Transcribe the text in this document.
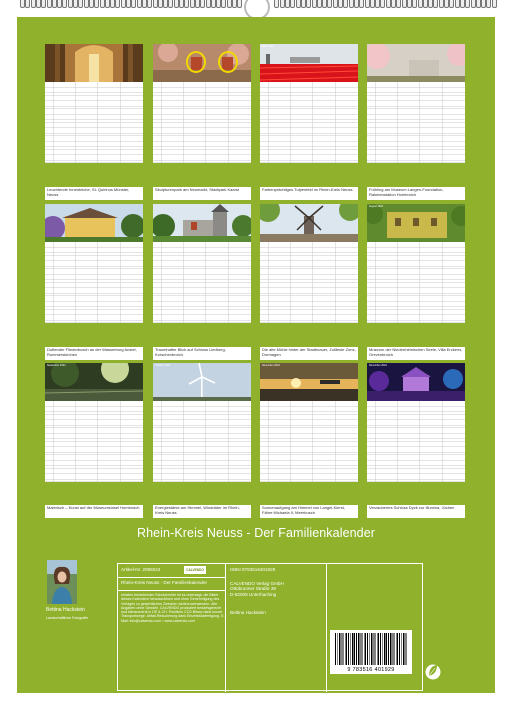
Leuchtende Innenkirche, St. Quirinus Münster, Neuss
Skulpturenpark am Neumarkt, Stadtpark Kaarst
März 2024
Farbenprächtiges Tulpenfeld im Rhein-Kreis Neuss	Frühling am Museum Langen-Foundation, Raketenstation Hombroich
Duftender Fliederbusch an der Wasserburg Anstel, Rommerskirchen
Traumhafter Blick auf Schloss Liedberg, Korschenbroich
Die alte Mühle hinter der Stadtmauer, Zollfeste Zons, Dormagen
August 2024
Museum der Niederrheinischen Seele, Villa Erckens, Grevenbroich
September 2024
Malerisch – Kunst auf der Museumsinsel Hombroich
Oktober 2024
Energiestärke am Himmel, Windräder im Rhein-Kreis Neuss
November 2024
Sonnenaufgang am Himmel von Langel-Kierst, Fähre Michaela II, Meerbusch
Dezember 2024
Verzaubertes Schloss Dyck zur Illumina, Jüchen
Rhein-Kreis Neuss - Der Familienkalender
Bettina Hackstein
Landschaftliche Fotografie
Artikel-Nr. 2095024	CALVENDO
Rhein-Kreis Neuss - Der Familienkalender
Inhaber bestehender Schutzrechte ist es untersagt, die Bilder dieses Kalenders herauszulösen und ohne Genehmigung des Verlages zu gewerblichen Zwecken weiterzuverwenden. Alle Angaben ohne Gewähr. CALVENDO produziert bedarfsgerecht und klimaneutral in DE & CH. Positives CO2-Bilanz dank kurzer Transportwege. Abfall-Reduzierung dank Einzelstückfertigung. E-Mail: info@calvendo.com • www.calvendo.com
ISBN 9783516401929
CALVENDO Verlag GmbH
Ottobrunner Straße 39
D-82008 Unterhaching
Bettina Hackstein
9 783516 401929
